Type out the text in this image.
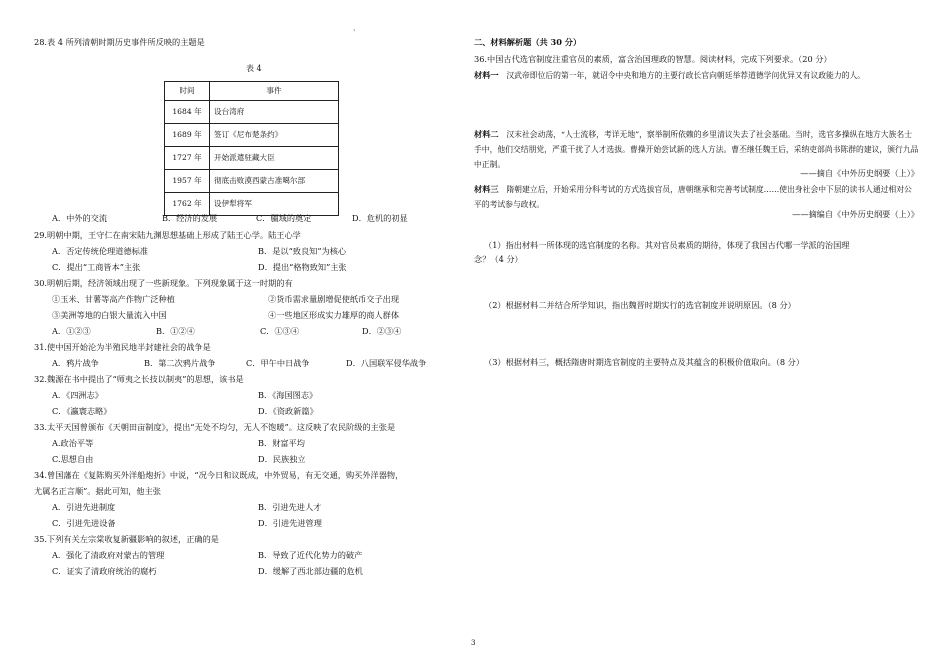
、
28.表 4 所列清朝时期历史事件所反映的主题是
表 4
时间	事件
1684 年	设台湾府
1689 年	签订《尼布楚条约》
1727 年	开始派遣驻藏大臣
1957 年	彻底击败漠西蒙古准噶尔部
1762 年	设伊犁将军
A．中外的交流	B．经济的发展	C．疆域的奠定	D．危机的初显
29.明朝中期，王守仁在南宋陆九渊思想基础上形成了陆王心学。陆王心学
A．否定传统伦理道德标准	B．是以“致良知”为核心
C．提出“工商皆本”主张	D．提出“格物致知”主张
30.明朝后期，经济领域出现了一些新现象。下列现象属于这一时期的有
①玉米、甘薯等高产作物广泛种植	②货币需求量剧增促使纸币交子出现
③美洲等地的白银大量流入中国	④一些地区形成实力雄厚的商人群体
A．①②③	B．①②④	C．①③④	D．②③④
31.使中国开始沦为半殖民地半封建社会的战争是
A．鸦片战争	B．第二次鸦片战争	C．甲午中日战争	D．八国联军侵华战争
32.魏源在书中提出了“师夷之长技以制夷”的思想，该书是
A．《四洲志》	B．《海国图志》
C．《瀛寰志略》	D．《资政新篇》
33.太平天国曾颁布《天朝田亩制度》，提出“无处不均匀，无人不饱暖”。这反映了农民阶级的主张是
A.政治平等	B．财富平均
C.思想自由	D．民族独立
34.曾国藩在《复陈购买外洋船炮折》中说，“况今日和议既成，中外贸易，有无交通，购买外洋器物，
尤属名正言顺”。据此可知，他主张
A．引进先进制度	B．引进先进人才
C．引进先进设备	D．引进先进管理
35.下列有关左宗棠收复新疆影响的叙述，正确的是
A．强化了清政府对蒙古的管理	B．导致了近代化势力的破产
C．证实了清政府统治的腐朽	D．缓解了西北部边疆的危机
二、材料解析题（共 30 分）
36.中国古代选官制度注重官员的素质，富含治国理政的智慧。阅读材料，完成下列要求。（20 分）
材料一 汉武帝即位后的第一年，就诏令中央和地方的主要行政长官向朝廷举荐道德学问优异又有议政能力的人。
材料二 汉末社会动荡，“人士流移，考详无地”，察举制所依赖的乡里清议失去了社会基础。当时，选官多操纵在地方大族名士手中，他们交结朋党，严重干扰了人才选拔。曹操开始尝试新的选人方法。曹丕继任魏王后，采纳吏部尚书陈群的建议，颁行九品中正制。
——摘自《中外历史纲要（上）》
材料三 隋朝建立后，开始采用分科考试的方式选拔官员，唐朝继承和完善考试制度……使出身社会中下层的读书人通过相对公平的考试参与政权。
——摘编自《中外历史纲要（上）》
（1）指出材料一所体现的选官制度的名称。其对官员素质的期待，体现了我国古代哪一学派的治国理
念？（4 分）
（2）根据材料二并结合所学知识，指出魏晋时期实行的选官制度并说明原因。（8 分）
（3）根据材料三，概括隋唐时期选官制度的主要特点及其蕴含的积极价值取向。（8 分）
3
